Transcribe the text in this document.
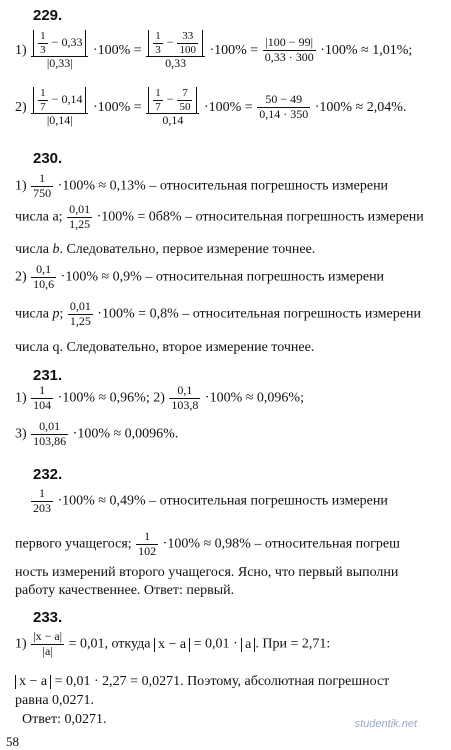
229.
$1) \frac{\frac{1}{3} - 0,33}{|0,33|} \cdot 100\% = \frac{\frac{1}{3} - \frac{33}{100}}{0,33} \cdot 100\% = \frac{|100 - 99|}{0,33 \cdot 300} \cdot 100\% \approx 1,01\%$;
$2) \frac{\frac{1}{7} - 0,14}{|0,14|} \cdot 100\% = \frac{\frac{1}{7} - \frac{7}{50}}{0,14} \cdot 100\% = \frac{50 - 49}{0,14 \cdot 350} \cdot 100\% \approx 2,04\%$.
230.
$1) \frac{1}{750} \cdot 100\% \approx 0,13\%$ – относительная погрешность измерени
числа a; $\frac{0,01}{1,25} \cdot 100\% = 0б8\%$ – относительная погрешность измерени
числа b. Следовательно, первое измерение точнее.
$2) \frac{0,1}{10,6} \cdot 100\% \approx 0,9\%$ – относительная погрешность измерени
числа p; $\frac{0,01}{1,25} \cdot 100\% = 0,8\%$ – относительная погрешность измерени
числа q. Следовательно, второе измерение точнее.
231.
$1) \frac{1}{104} \cdot 100\% \approx 0,96\%$; $2) \frac{0,1}{103,8} \cdot 100\% \approx 0,096\%$;
$3) \frac{0,01}{103,86} \cdot 100\% \approx 0,0096\%$.
232.
$\frac{1}{203} \cdot 100\% \approx 0,49\%$ – относительная погрешность измерени
первого учащегося; $\frac{1}{102} \cdot 100\% \approx 0,98\%$ – относительная погреш
ность измерений второго учащегося. Ясно, что первый выполни
работу качественнее. Ответ: первый.
233.
$1) \frac{|x - a|}{|a|} = 0,01$, откуда x − a = 0,01 · a . При = 2,71:
x − a = 0,01 · 2,27 = 0,0271. Поэтому, абсолютная погрешност
равна 0,0271.
Ответ: 0,0271.	studentik.net
58
